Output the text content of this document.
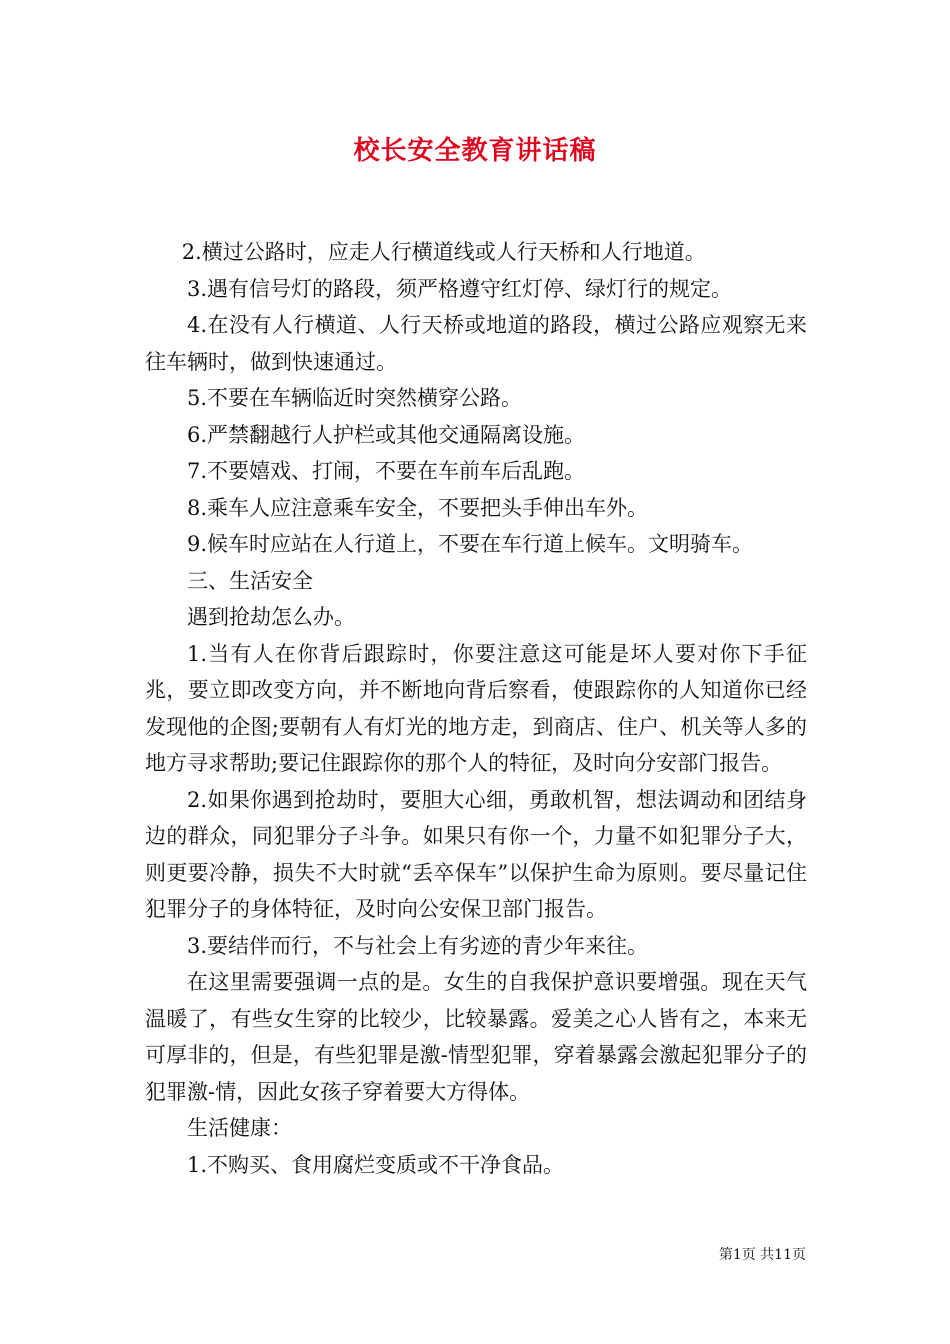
校长安全教育讲话稿

2.横过公路时，应走人行横道线或人行天桥和人行地道。

3.遇有信号灯的路段，须严格遵守红灯停、绿灯行的规定。

4.在没有人行横道、人行天桥或地道的路段，横过公路应观察无来往车辆时，做到快速通过。

5.不要在车辆临近时突然横穿公路。

6.严禁翻越行人护栏或其他交通隔离设施。

7.不要嬉戏、打闹，不要在车前车后乱跑。

8.乘车人应注意乘车安全，不要把头手伸出车外。

9.候车时应站在人行道上，不要在车行道上候车。文明骑车。

三、生活安全

遇到抢劫怎么办。

1.当有人在你背后跟踪时，你要注意这可能是坏人要对你下手征兆，要立即改变方向，并不断地向背后察看，使跟踪你的人知道你已经发现他的企图;要朝有人有灯光的地方走，到商店、住户、机关等人多的地方寻求帮助;要记住跟踪你的那个人的特征，及时向分安部门报告。

2.如果你遇到抢劫时，要胆大心细，勇敢机智，想法调动和团结身边的群众，同犯罪分子斗争。如果只有你一个，力量不如犯罪分子大，则更要冷静，损失不大时就“丢卒保车”以保护生命为原则。要尽量记住犯罪分子的身体特征，及时向公安保卫部门报告。

3.要结伴而行，不与社会上有劣迹的青少年来往。

在这里需要强调一点的是。女生的自我保护意识要增强。现在天气温暖了，有些女生穿的比较少，比较暴露。爱美之心人皆有之，本来无可厚非的，但是，有些犯罪是激-情型犯罪，穿着暴露会激起犯罪分子的犯罪激-情，因此女孩子穿着要大方得体。

生活健康：

1.不购买、食用腐烂变质或不干净食品。

第1页 共11页
